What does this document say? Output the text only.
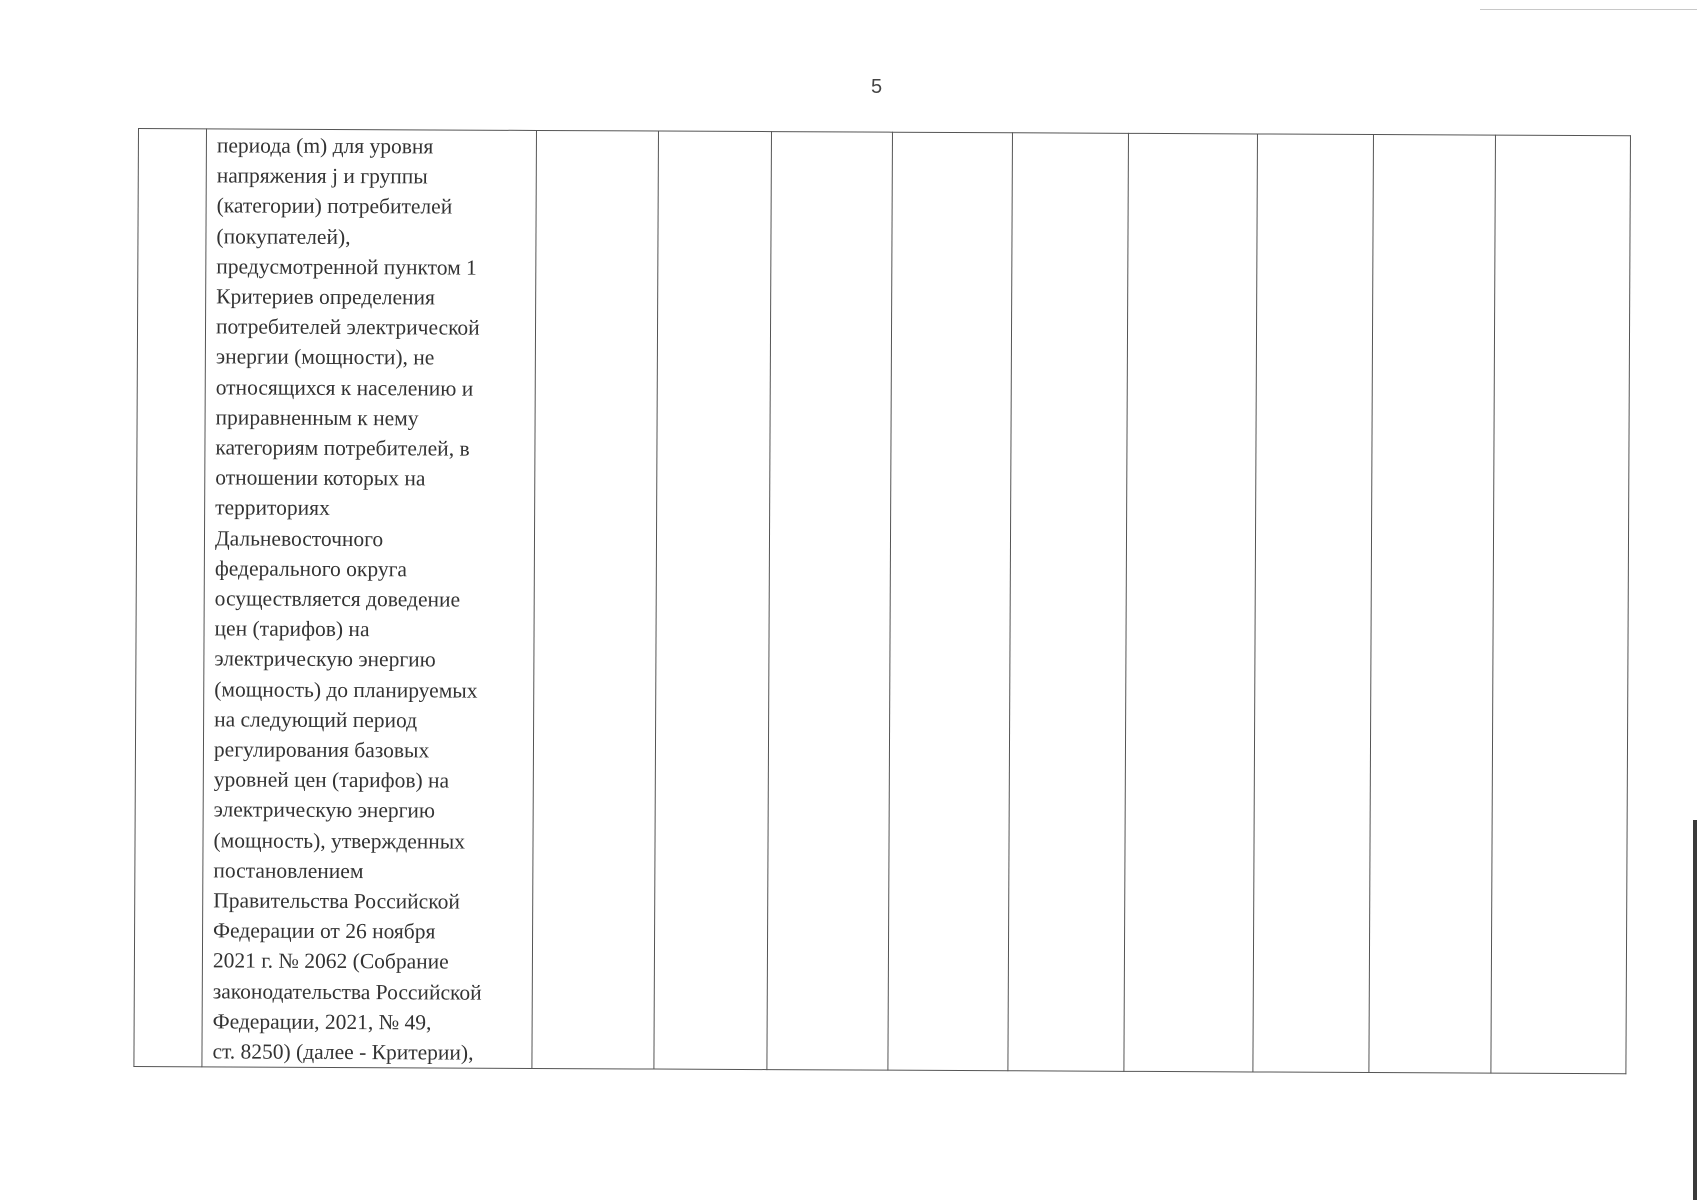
5

периода (m) для уровня
напряжения j и группы
(категории) потребителей
(покупателей),
предусмотренной пунктом 1
Критериев определения
потребителей электрической
энергии (мощности), не
относящихся к населению и
приравненным к нему
категориям потребителей, в
отношении которых на
территориях
Дальневосточного
федерального округа
осуществляется доведение
цен (тарифов) на
электрическую энергию
(мощность) до планируемых
на следующий период
регулирования базовых
уровней цен (тарифов) на
электрическую энергию
(мощность), утвержденных
постановлением
Правительства Российской
Федерации от 26 ноября
2021 г. № 2062 (Собрание
законодательства Российской
Федерации, 2021, № 49,
ст. 8250) (далее - Критерии),
